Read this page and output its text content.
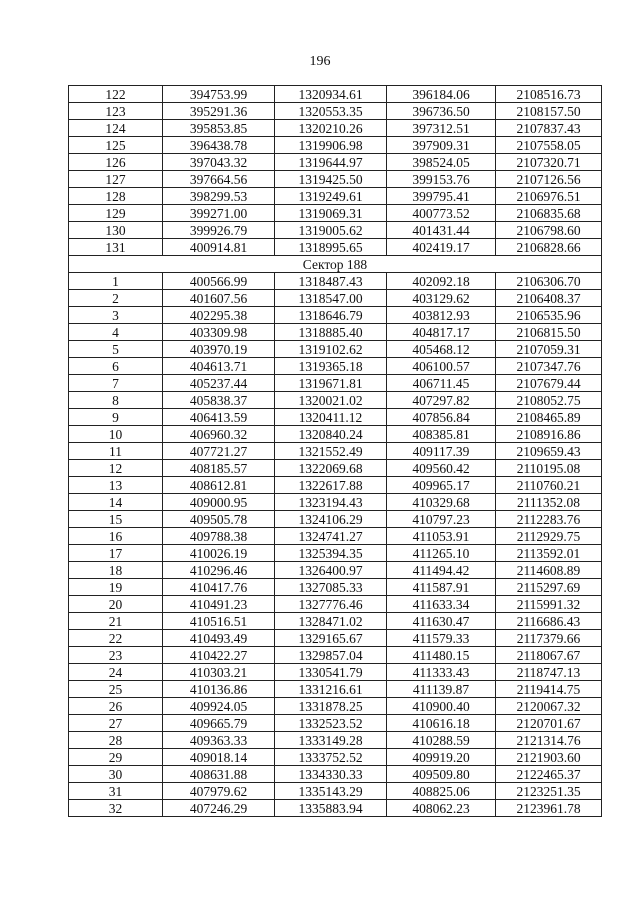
196
122	394753.99	1320934.61	396184.06	2108516.73
123	395291.36	1320553.35	396736.50	2108157.50
124	395853.85	1320210.26	397312.51	2107837.43
125	396438.78	1319906.98	397909.31	2107558.05
126	397043.32	1319644.97	398524.05	2107320.71
127	397664.56	1319425.50	399153.76	2107126.56
128	398299.53	1319249.61	399795.41	2106976.51
129	399271.00	1319069.31	400773.52	2106835.68
130	399926.79	1319005.62	401431.44	2106798.60
131	400914.81	1318995.65	402419.17	2106828.66
Сектор 188				
1	400566.99	1318487.43	402092.18	2106306.70
2	401607.56	1318547.00	403129.62	2106408.37
3	402295.38	1318646.79	403812.93	2106535.96
4	403309.98	1318885.40	404817.17	2106815.50
5	403970.19	1319102.62	405468.12	2107059.31
6	404613.71	1319365.18	406100.57	2107347.76
7	405237.44	1319671.81	406711.45	2107679.44
8	405838.37	1320021.02	407297.82	2108052.75
9	406413.59	1320411.12	407856.84	2108465.89
10	406960.32	1320840.24	408385.81	2108916.86
11	407721.27	1321552.49	409117.39	2109659.43
12	408185.57	1322069.68	409560.42	2110195.08
13	408612.81	1322617.88	409965.17	2110760.21
14	409000.95	1323194.43	410329.68	2111352.08
15	409505.78	1324106.29	410797.23	2112283.76
16	409788.38	1324741.27	411053.91	2112929.75
17	410026.19	1325394.35	411265.10	2113592.01
18	410296.46	1326400.97	411494.42	2114608.89
19	410417.76	1327085.33	411587.91	2115297.69
20	410491.23	1327776.46	411633.34	2115991.32
21	410516.51	1328471.02	411630.47	2116686.43
22	410493.49	1329165.67	411579.33	2117379.66
23	410422.27	1329857.04	411480.15	2118067.67
24	410303.21	1330541.79	411333.43	2118747.13
25	410136.86	1331216.61	411139.87	2119414.75
26	409924.05	1331878.25	410900.40	2120067.32
27	409665.79	1332523.52	410616.18	2120701.67
28	409363.33	1333149.28	410288.59	2121314.76
29	409018.14	1333752.52	409919.20	2121903.60
30	408631.88	1334330.33	409509.80	2122465.37
31	407979.62	1335143.29	408825.06	2123251.35
32	407246.29	1335883.94	408062.23	2123961.78
